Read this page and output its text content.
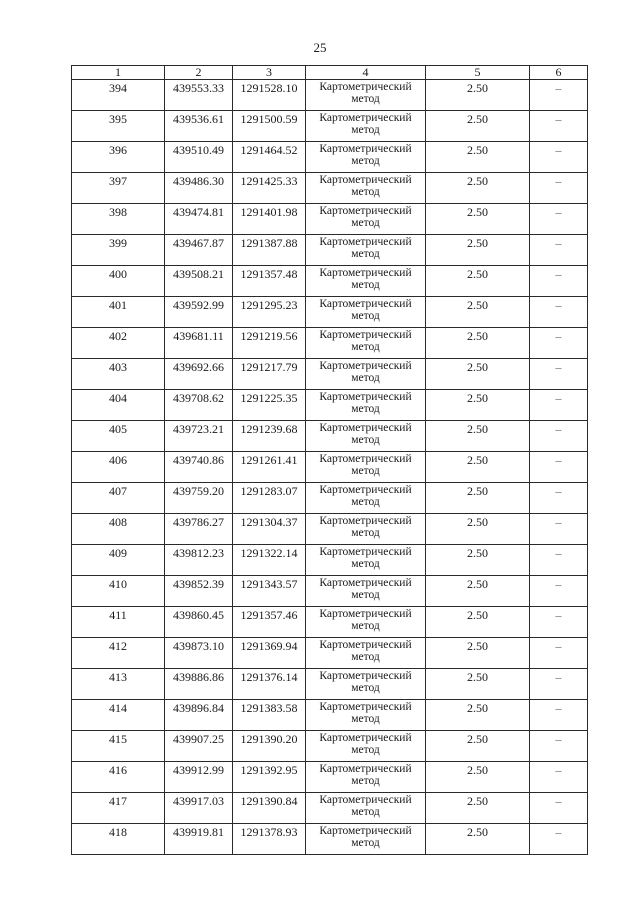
25
1	2	3	4	5	6
394	439553.33	1291528.10	Картометрический метод	2.50	–
395	439536.61	1291500.59	Картометрический метод	2.50	–
396	439510.49	1291464.52	Картометрический метод	2.50	–
397	439486.30	1291425.33	Картометрический метод	2.50	–
398	439474.81	1291401.98	Картометрический метод	2.50	–
399	439467.87	1291387.88	Картометрический метод	2.50	–
400	439508.21	1291357.48	Картометрический метод	2.50	–
401	439592.99	1291295.23	Картометрический метод	2.50	–
402	439681.11	1291219.56	Картометрический метод	2.50	–
403	439692.66	1291217.79	Картометрический метод	2.50	–
404	439708.62	1291225.35	Картометрический метод	2.50	–
405	439723.21	1291239.68	Картометрический метод	2.50	–
406	439740.86	1291261.41	Картометрический метод	2.50	–
407	439759.20	1291283.07	Картометрический метод	2.50	–
408	439786.27	1291304.37	Картометрический метод	2.50	–
409	439812.23	1291322.14	Картометрический метод	2.50	–
410	439852.39	1291343.57	Картометрический метод	2.50	–
411	439860.45	1291357.46	Картометрический метод	2.50	–
412	439873.10	1291369.94	Картометрический метод	2.50	–
413	439886.86	1291376.14	Картометрический метод	2.50	–
414	439896.84	1291383.58	Картометрический метод	2.50	–
415	439907.25	1291390.20	Картометрический метод	2.50	–
416	439912.99	1291392.95	Картометрический метод	2.50	–
417	439917.03	1291390.84	Картометрический метод	2.50	–
418	439919.81	1291378.93	Картометрический метод	2.50	–
